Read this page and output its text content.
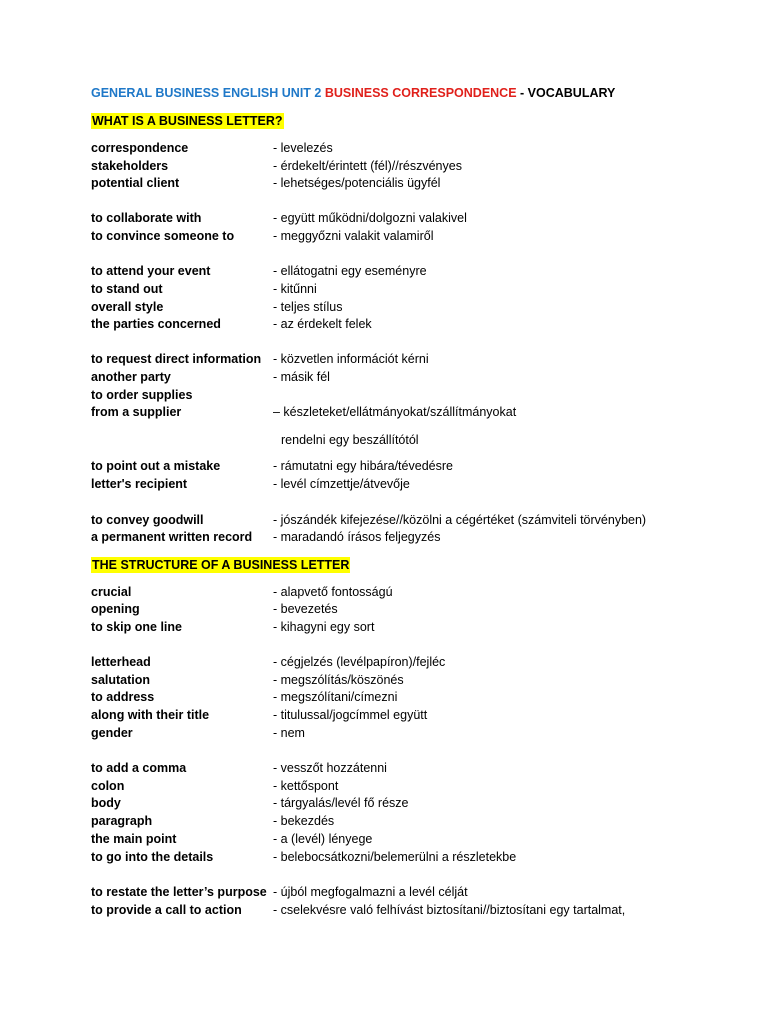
GENERAL BUSINESS ENGLISH UNIT 2 BUSINESS CORRESPONDENCE - VOCABULARY
WHAT IS A BUSINESS LETTER?
correspondence	- levelezés
stakeholders	- érdekelt/érintett (fél)//részvényes
potential client	- lehetséges/potenciális ügyfél
to collaborate with	- együtt működni/dolgozni valakivel
to convince someone to	- meggyőzni valakit valamiről
to attend your event	- ellátogatni egy eseményre
to stand out	- kitűnni
overall style	- teljes stílus
the parties concerned	- az érdekelt felek
to request direct information - közvetlen információt kérni
another party	- másik fél
to order supplies
from a supplier	– készleteket/ellátmányokat/szállítmányokat
rendelni egy beszállítótól
to point out a mistake	- rámutatni egy hibára/tévedésre
letter's recipient	- levél címzettje/átvevője
to convey goodwill	- jószándék kifejezése//közölni a cégértéket (számviteli törvényben)
a permanent written record - maradandó írásos feljegyzés
THE STRUCTURE OF A BUSINESS LETTER
crucial	- alapvető fontosságú
opening	- bevezetés
to skip one line	- kihagyni egy sort
letterhead	- cégjelzés (levélpapíron)/fejléc
salutation	- megszólítás/köszönés
to address	- megszólítani/címezni
along with their title	- titulussal/jogcímmel együtt
gender	- nem
to add a comma	- vesszőt hozzátenni
colon	- kettőspont
body	- tárgyalás/levél fő része
paragraph	- bekezdés
the main point	- a (levél) lényege
to go into the details	- belebocsátkozni/belemerülni a részletekbe
to restate the letter’s purpose - újból megfogalmazni a levél célját
to provide a call to action	- cselekvésre való felhívást biztosítani//biztosítani egy tartalmat,
